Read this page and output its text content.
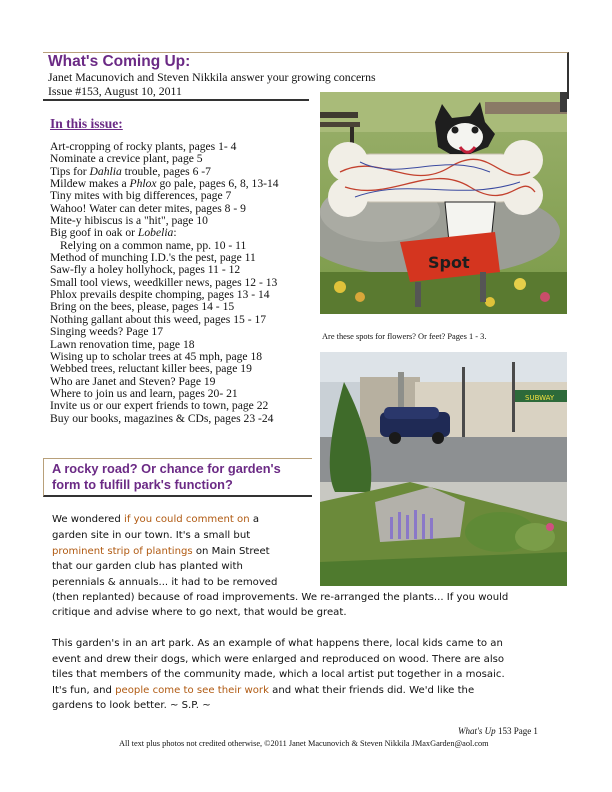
What's Coming Up:
Janet Macunovich and Steven Nikkila answer your growing concerns
Issue #153, August 10, 2011
In this issue:
Art-cropping of rocky plants, pages 1- 4
Nominate a crevice plant, page 5
Tips for Dahlia trouble, pages 6 -7
Mildew makes a Phlox go pale, pages 6, 8, 13-14
Tiny mites with big differences, page 7
Wahoo! Water can deter mites, pages 8 - 9
Mite-y hibiscus is a "hit", page 10
Big goof in oak or Lobelia:
Relying on a common name, pp. 10 - 11
Method of munching I.D.'s the pest, page 11
Saw-fly a holey hollyhock, pages 11 - 12
Small tool views, weedkiller news, pages 12 - 13
Phlox prevails despite chomping, pages 13 - 14
Bring on the bees, please, pages 14 - 15
Nothing gallant about this weed, pages 15 - 17
Singing weeds? Page 17
Lawn renovation time, page 18
Wising up to scholar trees at 45 mph, page 18
Webbed trees, reluctant killer bees, page 19
Who are Janet and Steven? Page 19
Where to join us and learn, pages 20- 21
Invite us or our expert friends to town, page 22
Buy our books, magazines & CDs, pages 23 -24
Spot
Are these spots for flowers? Or feet? Pages 1 - 3.
SUBWAY
A rocky road? Or chance for garden's
form to fulfill park's function?
We wondered if you could comment on a
garden site in our town. It's a small but
prominent strip of plantings on Main Street
that our garden club has planted with
perennials & annuals... it had to be removed
(then replanted) because of road improvements. We re-arranged the plants... If you would
critique and advise where to go next, that would be great.
This garden's in an art park. As an example of what happens there, local kids came to an
event and drew their dogs, which were enlarged and reproduced on wood. There are also
tiles that members of the community made, which a local artist put together in a mosaic.
It's fun, and people come to see their work and what their friends did. We'd like the
gardens to look better. ~ S.P. ~
What's Up 153 Page 1
All text plus photos not credited otherwise, ©2011 Janet Macunovich & Steven Nikkila JMaxGarden@aol.com
